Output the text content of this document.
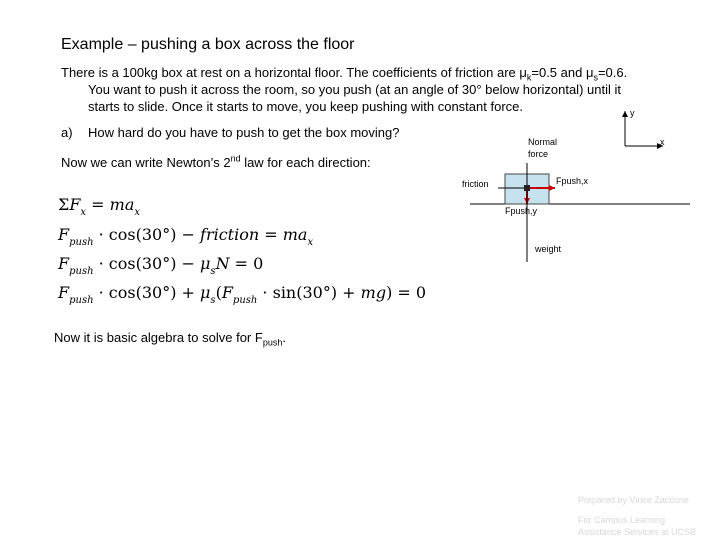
Example – pushing a box across the floor
There is a 100kg box at rest on a horizontal floor. The coefficients of friction are $\mu_k=0.5$ and $\mu_s=0.6$.
You want to push it across the room, so you push (at an angle of 30° below horizontal) until it
starts to slide. Once it starts to move, you keep pushing with constant force.
a) How hard do you have to push to get the box moving?
Now we can write Newton’s 2nd law for each direction:
$\Sigma F_x = ma_x$
$F_{push} \cdot \cos(30^\circ)$ − friction = $ma_x$
$F_{push} \cdot \cos(30^\circ) - \mu_sN = 0$
$F_{push} \cdot \cos(30^\circ) + \mu_s(F_{push} \cdot \sin(30^\circ) + mg) = 0$
Now it is basic algebra to solve for $F_{push}$.
y
x
Normal
force
friction	Fpush,x
Fpush,y
weight
Prepared by Vince Zaccone
For Campus Learning
Assistance Services at UCSB
